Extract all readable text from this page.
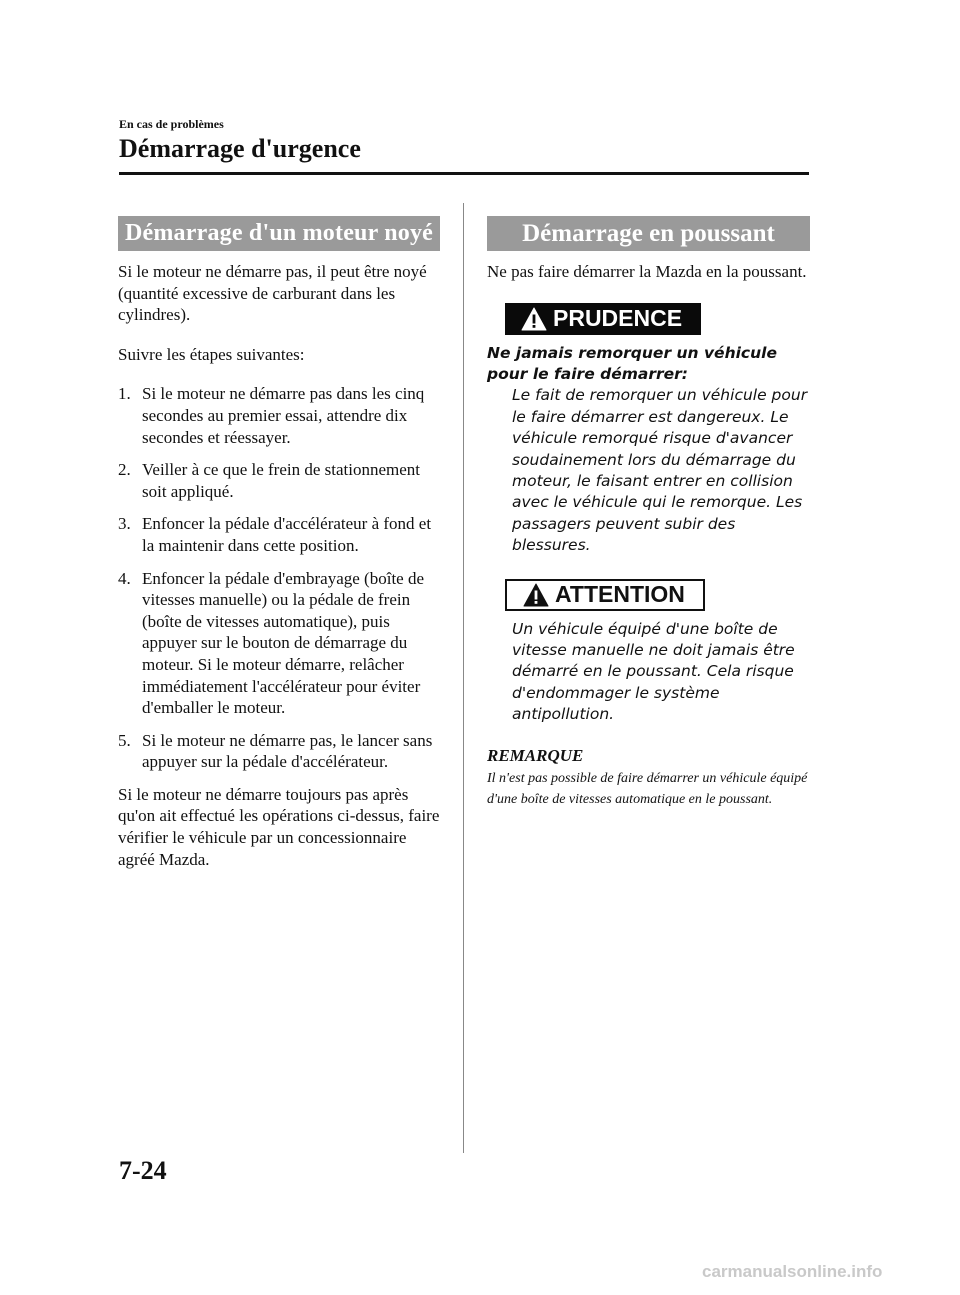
En cas de problèmes
Démarrage d'urgence
Démarrage d'un moteur noyé

Si le moteur ne démarre pas, il peut être noyé (quantité excessive de carburant dans les cylindres).

Suivre les étapes suivantes:

1. Si le moteur ne démarre pas dans les cinq secondes au premier essai, attendre dix secondes et réessayer.
2. Veiller à ce que le frein de stationnement soit appliqué.
3. Enfoncer la pédale d'accélérateur à fond et la maintenir dans cette position.
4. Enfoncer la pédale d'embrayage (boîte de vitesses manuelle) ou la pédale de frein (boîte de vitesses automatique), puis appuyer sur le bouton de démarrage du moteur. Si le moteur démarre, relâcher immédiatement l'accélérateur pour éviter d'emballer le moteur.
5. Si le moteur ne démarre pas, le lancer sans appuyer sur la pédale d'accélérateur.

Si le moteur ne démarre toujours pas après qu'on ait effectué les opérations ci-dessus, faire vérifier le véhicule par un concessionnaire agréé Mazda.

Démarrage en poussant

Ne pas faire démarrer la Mazda en la poussant.

PRUDENCE

Ne jamais remorquer un véhicule pour le faire démarrer:

Le fait de remorquer un véhicule pour le faire démarrer est dangereux. Le véhicule remorqué risque d'avancer soudainement lors du démarrage du moteur, le faisant entrer en collision avec le véhicule qui le remorque. Les passagers peuvent subir des blessures.

ATTENTION

Un véhicule équipé d'une boîte de vitesse manuelle ne doit jamais être démarré en le poussant. Cela risque d'endommager le système antipollution.

REMARQUE

Il n'est pas possible de faire démarrer un véhicule équipé d'une boîte de vitesses automatique en le poussant.

7-24
carmanualsonline.info
